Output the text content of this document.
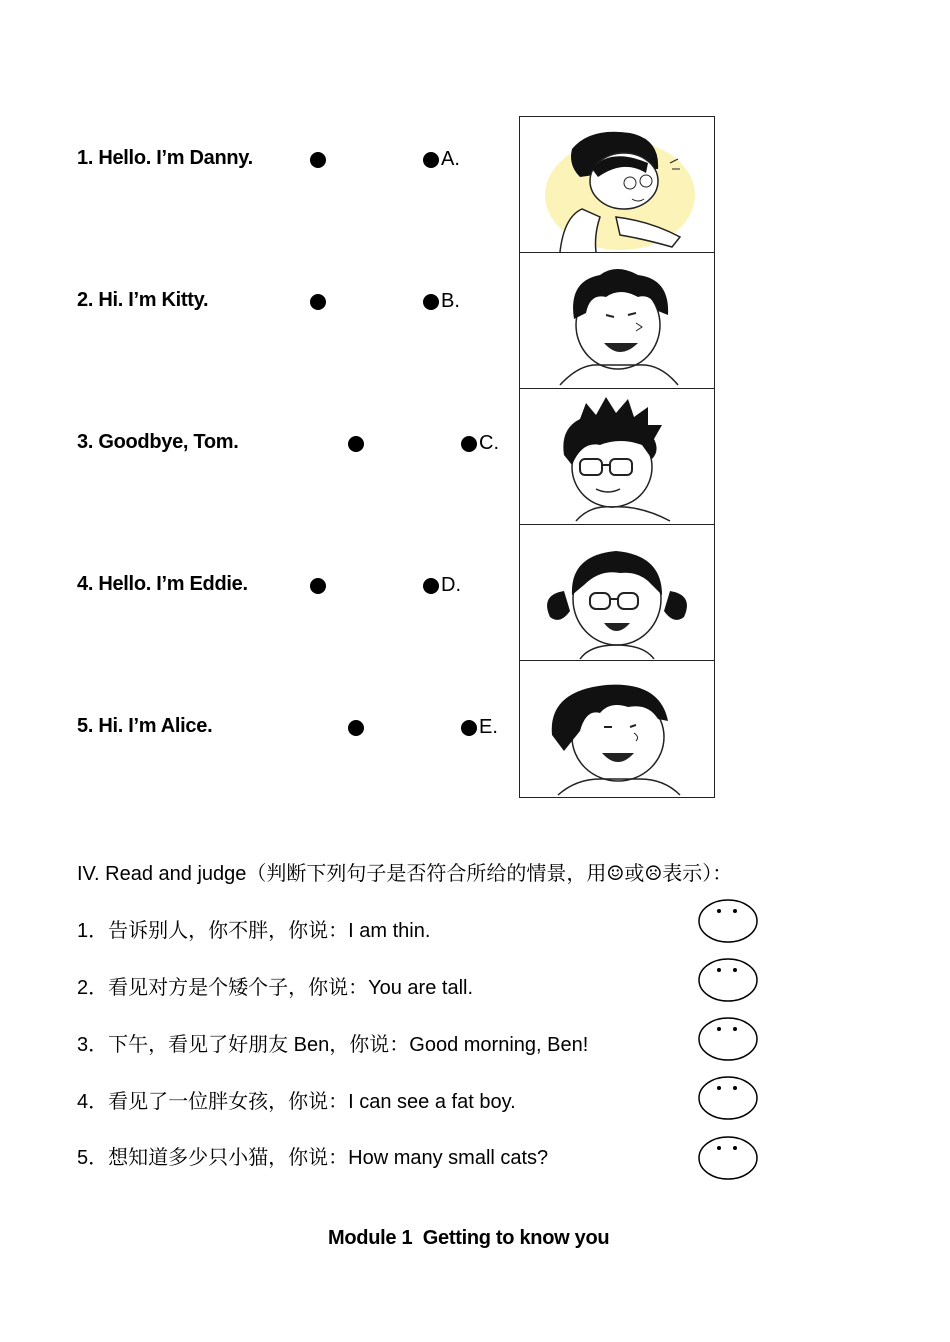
1. Hello. I’m Danny.	A.
2. Hi. I’m Kitty.	B.
3. Goodbye, Tom.	C.
4. Hello. I’m Eddie.	D.
5. Hi. I’m Alice.	E.
IV. Read and judge（判断下列句子是否符合所给的情景，用☺或☹表示）：
1．告诉别人，你不胖，你说：I am thin.
2．看见对方是个矮个子，你说：You are tall.
3．下午，看见了好朋友 Ben，你说：Good morning, Ben!
4．看见了一位胖女孩，你说：I can see a fat boy.
5．想知道多少只小猫，你说：How many small cats?
Module 1  Getting to know you
